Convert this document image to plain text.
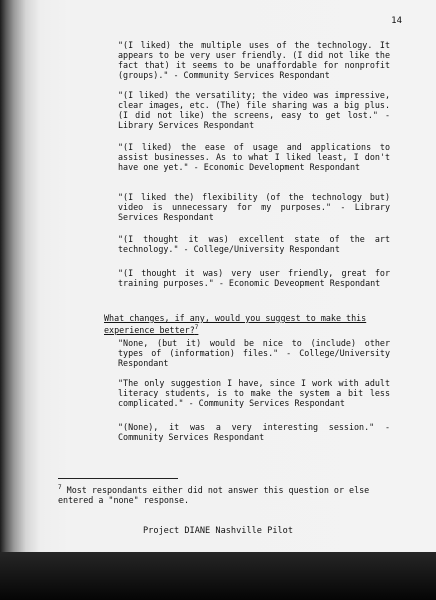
14

"(I liked) the multiple uses of the technology. It appears to be very user friendly. (I did not like the fact that) it seems to be unaffordable for nonprofit (groups)." - Community Services Respondant

"(I liked) the versatility; the video was impressive, clear images, etc. (The) file sharing was a big plus. (I did not like) the screens, easy to get lost." - Library Services Respondant

"(I liked) the ease of usage and applications to assist businesses. As to what I liked least, I don't have one yet." - Economic Development Respondant

"(I liked the) flexibility (of the technology but) video is unnecessary for my purposes." - Library Services Respondant

"(I thought it was) excellent state of the art technology." - College/University Respondant

"(I thought it was) very user friendly, great for training purposes." - Economic Deveopment Respondant

What changes, if any, would you suggest to make this experience better?$^7$

"None, (but it) would be nice to (include) other types of (information) files." - College/University Respondant

"The only suggestion I have, since I work with adult literacy students, is to make the system a bit less complicated." - Community Services Respondant

"(None), it was a very interesting session." - Community Services Respondant

$^7$ Most respondants either did not answer this question or else entered a "none" response.

Project DIANE Nashville Pilot
